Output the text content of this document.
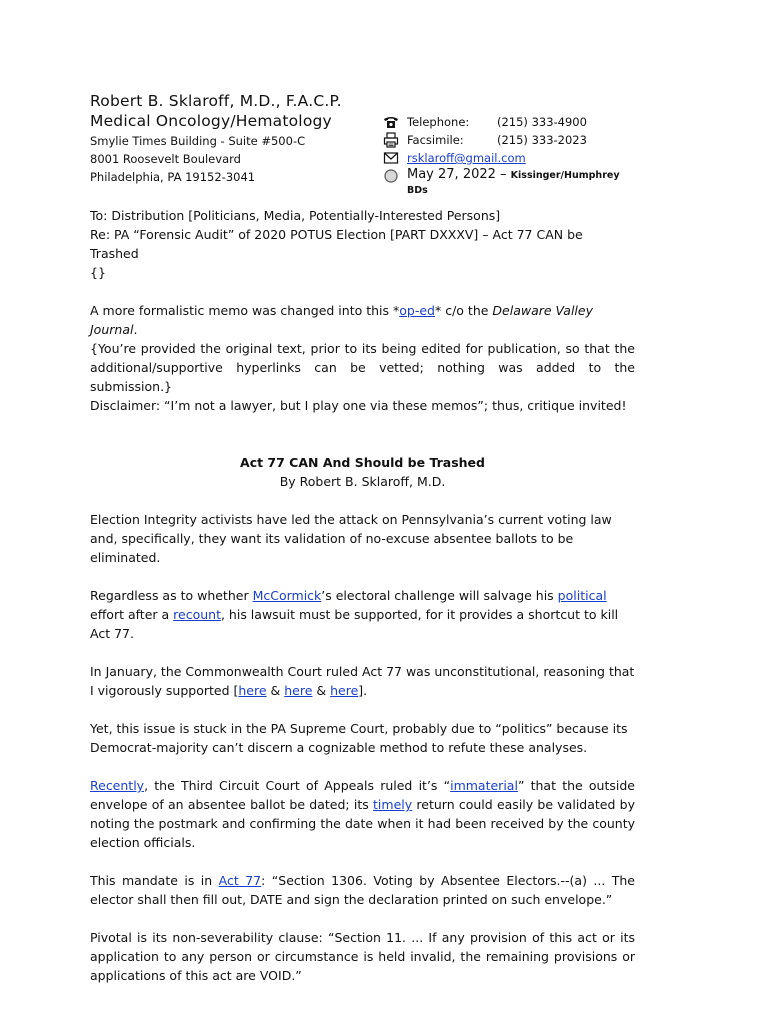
Robert B. Sklaroff, M.D., F.A.C.P.
Medical Oncology/Hematology
Smylie Times Building - Suite #500-C
8001 Roosevelt Boulevard
Philadelphia, PA 19152-3041
Telephone: (215) 333-4900
Facsimile:	(215) 333-2023
rsklaroff@gmail.com
May 27, 2022 – Kissinger/Humphrey BDs

To: Distribution [Politicians, Media, Potentially-Interested Persons]

Re: PA “Forensic Audit” of 2020 POTUS Election [PART DXXXV] – Act 77 CAN be Trashed

{}

A more formalistic memo was changed into this *op-ed* c/o the Delaware Valley Journal.

{You’re provided the original text, prior to its being edited for publication, so that the additional/supportive hyperlinks can be vetted; nothing was added to the submission.}

Disclaimer: “I’m not a lawyer, but I play one via these memos”; thus, critique invited!

Act 77 CAN And Should be Trashed

By Robert B. Sklaroff, M.D.

Election Integrity activists have led the attack on Pennsylvania’s current voting law and, specifically, they want its validation of no-excuse absentee ballots to be eliminated.

Regardless as to whether McCormick’s electoral challenge will salvage his political effort after a recount, his lawsuit must be supported, for it provides a shortcut to kill Act 77.

In January, the Commonwealth Court ruled Act 77 was unconstitutional, reasoning that I vigorously supported [here & here & here].

Yet, this issue is stuck in the PA Supreme Court, probably due to “politics” because its Democrat-majority can’t discern a cognizable method to refute these analyses.

Recently, the Third Circuit Court of Appeals ruled it’s “immaterial” that the outside envelope of an absentee ballot be dated; its timely return could easily be validated by noting the postmark and confirming the date when it had been received by the county election officials.

This mandate is in Act 77: “Section 1306. Voting by Absentee Electors.--(a) ... The elector shall then fill out, DATE and sign the declaration printed on such envelope.”

Pivotal is its non-severability clause: “Section 11. ... If any provision of this act or its application to any person or circumstance is held invalid, the remaining provisions or applications of this act are VOID.”
